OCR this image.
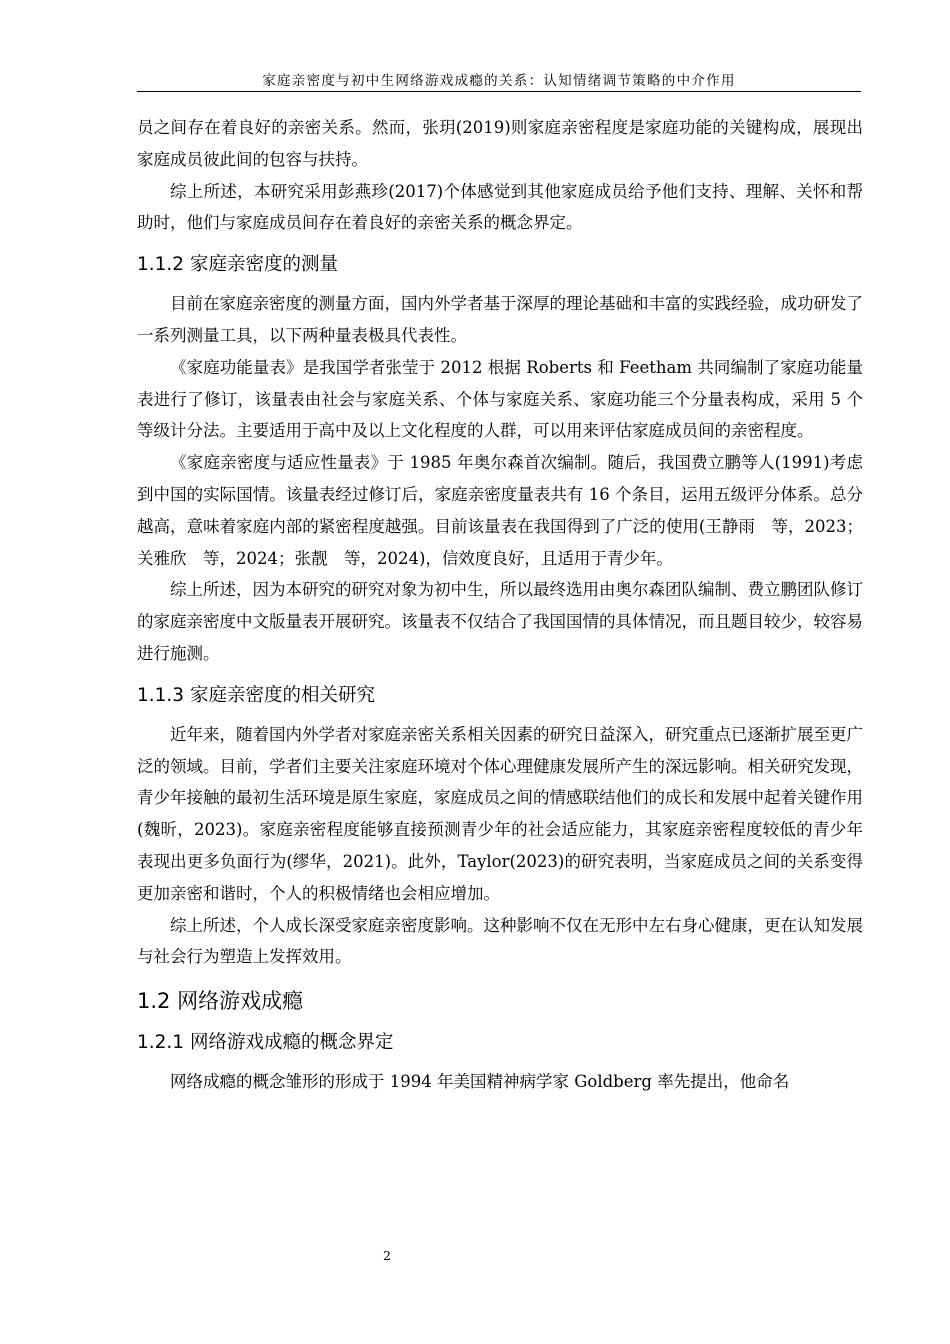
家庭亲密度与初中生网络游戏成瘾的关系：认知情绪调节策略的中介作用

员之间存在着良好的亲密关系。然而，张玥(2019)则家庭亲密程度是家庭功能的关键构成，展现出家庭成员彼此间的包容与扶持。

综上所述，本研究采用彭燕珍(2017)个体感觉到其他家庭成员给予他们支持、理解、关怀和帮助时，他们与家庭成员间存在着良好的亲密关系的概念界定。

1.1.2 家庭亲密度的测量

目前在家庭亲密度的测量方面，国内外学者基于深厚的理论基础和丰富的实践经验，成功研发了一系列测量工具，以下两种量表极具代表性。

《家庭功能量表》是我国学者张莹于 2012 根据 Roberts 和 Feetham 共同编制了家庭功能量表进行了修订，该量表由社会与家庭关系、个体与家庭关系、家庭功能三个分量表构成，采用 5 个等级计分法。主要适用于高中及以上文化程度的人群，可以用来评估家庭成员间的亲密程度。

《家庭亲密度与适应性量表》于 1985 年奥尔森首次编制。随后，我国费立鹏等人(1991)考虑到中国的实际国情。该量表经过修订后，家庭亲密度量表共有 16 个条目，运用五级评分体系。总分越高，意味着家庭内部的紧密程度越强。目前该量表在我国得到了广泛的使用(王静雨　等，2023；关雅欣　等，2024；张靓　等，2024)，信效度良好，且适用于青少年。

综上所述，因为本研究的研究对象为初中生，所以最终选用由奥尔森团队编制、费立鹏团队修订的家庭亲密度中文版量表开展研究。该量表不仅结合了我国国情的具体情况，而且题目较少，较容易进行施测。

1.1.3 家庭亲密度的相关研究

近年来，随着国内外学者对家庭亲密关系相关因素的研究日益深入，研究重点已逐渐扩展至更广泛的领域。目前，学者们主要关注家庭环境对个体心理健康发展所产生的深远影响。相关研究发现，青少年接触的最初生活环境是原生家庭，家庭成员之间的情感联结他们的成长和发展中起着关键作用(魏昕，2023)。家庭亲密程度能够直接预测青少年的社会适应能力，其家庭亲密程度较低的青少年表现出更多负面行为(缪华，2021)。此外，Taylor(2023)的研究表明，当家庭成员之间的关系变得更加亲密和谐时，个人的积极情绪也会相应增加。

综上所述，个人成长深受家庭亲密度影响。这种影响不仅在无形中左右身心健康，更在认知发展与社会行为塑造上发挥效用。

1.2 网络游戏成瘾
1.2.1 网络游戏成瘾的概念界定

网络成瘾的概念雏形的形成于 1994 年美国精神病学家 Goldberg 率先提出，他命名

2
